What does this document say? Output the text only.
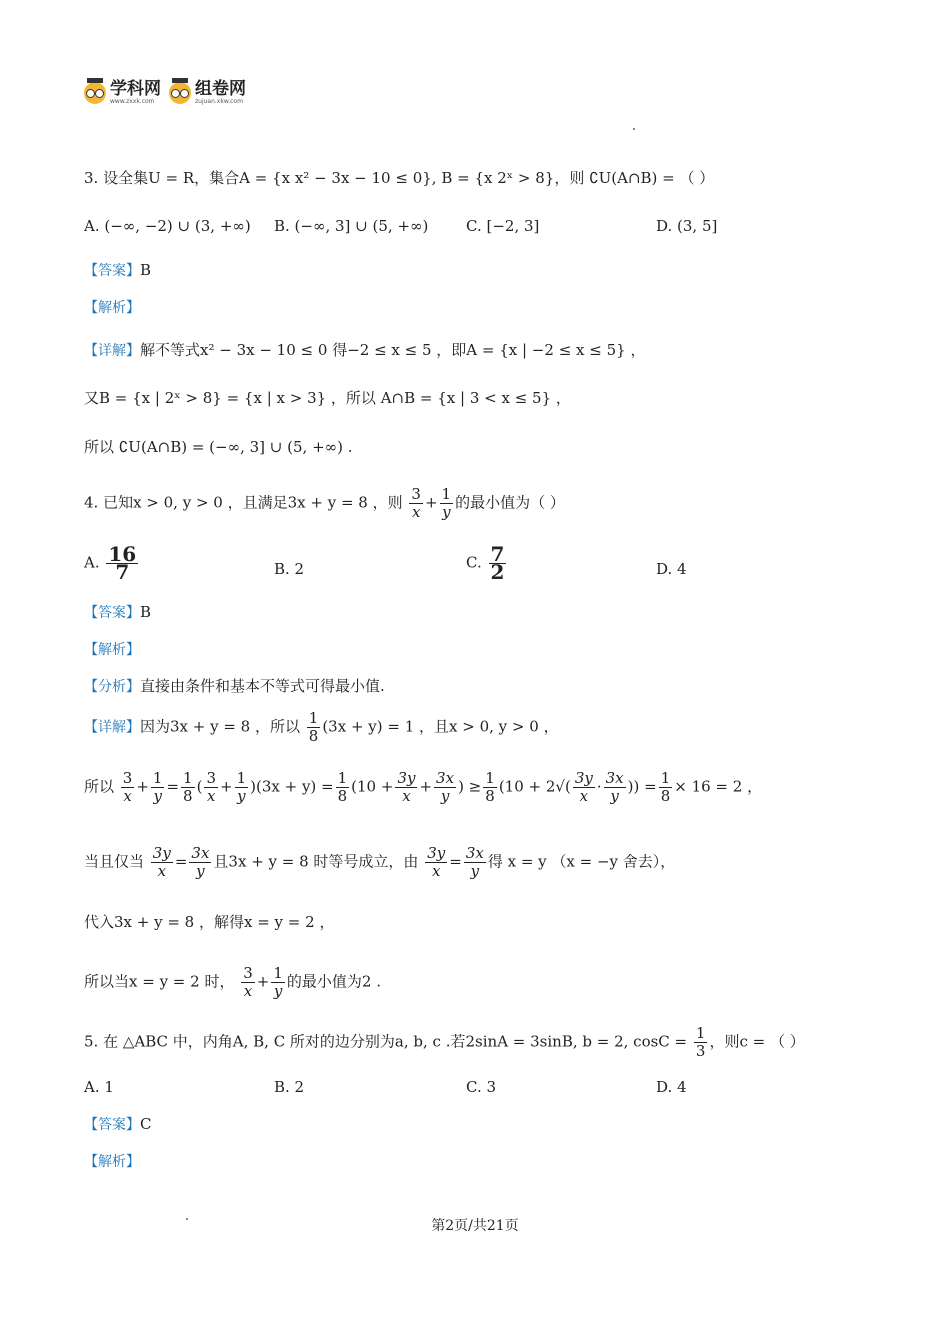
学科网
www.zxxk.com
组卷网
zujuan.xkw.com
3. 设全集U = R，集合A = {x x² − 3x − 10 ≤ 0}, B = {x 2ˣ > 8}，则 ∁U(A∩B) = （ ）
A. (−∞, −2) ∪ (3, +∞) B. (−∞, 3] ∪ (5, +∞)	C. [−2, 3]	D. (3, 5]
【答案】B
【解析】
【详解】解不等式x² − 3x − 10 ≤ 0 得−2 ≤ x ≤ 5 ，即A = {x | −2 ≤ x ≤ 5} ，
又B = {x | 2ˣ > 8} = {x | x > 3} ，所以 A∩B = {x | 3 < x ≤ 5} ，
所以 ∁U(A∩B) = (−∞, 3] ∪ (5, +∞) .
4. 已知x > 0, y > 0 ，且满足3x + y = 8 ，则 $\frac{3}{x} + \frac{1}{y}$ 的最小值为（ ）
A. $\frac{16}{7}$	B. 2	C. $\frac{7}{2}$	D. 4
【答案】B
【解析】
【分析】直接由条件和基本不等式可得最小值.
【详解】因为3x + y = 8 ，所以 $\frac{1}{8} (3x + y) = 1$ ，且x > 0, y > 0 ，
所以 $\frac{3}{x} + \frac{1}{y} = \frac{1}{8}$ ( $\frac{3}{x} + \frac{1}{y} )(3x + y) = \frac{1}{8} (10 + \frac{3y}{x} + \frac{3x}{y}$ ) ≥ $\frac{1}{8} (10 + 2√( \frac{3y}{x} \cdot \frac{3x}{y}$ )) = $\frac{1}{8} \times 16 = 2$ ，
当且仅当 $\frac{3y}{x} = \frac{3x}{y}$ 且3x + y = 8 时等号成立，由 $\frac{3y}{x} = \frac{3x}{y}$ 得 x = y （x = −y 舍去），
代入3x + y = 8 ，解得x = y = 2 ，
所以当x = y = 2 时， $\frac{3}{x} + \frac{1}{y}$ 的最小值为2 .
5. 在 △ABC 中，内角A, B, C 所对的边分别为a, b, c .若2sinA = 3sinB, b = 2, $\cos C = \frac{1}{3}$ ，则c = （ ）
A. 1	B. 2	C. 3	D. 4
【答案】C
【解析】
第2页/共21页
